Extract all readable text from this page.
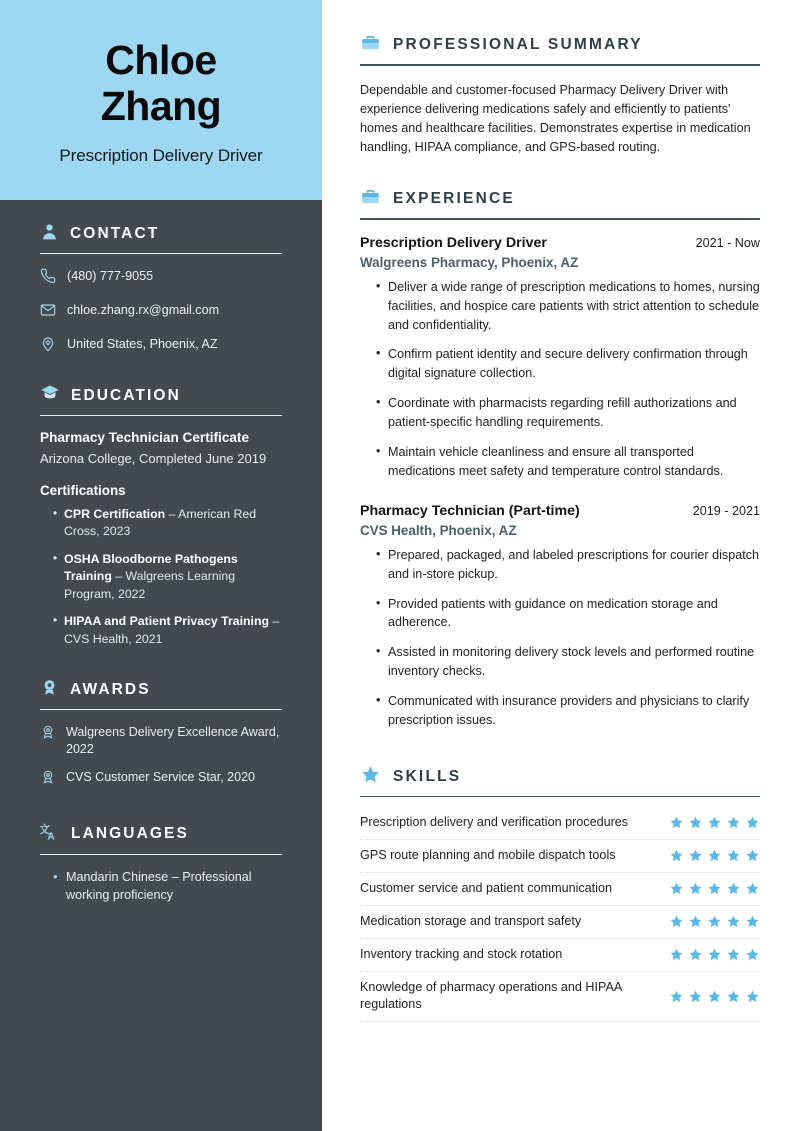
Chloe
Zhang
Prescription Delivery Driver
CONTACT
(480) 777-9055
chloe.zhang.rx@gmail.com
United States, Phoenix, AZ
EDUCATION
Pharmacy Technician Certificate
Arizona College, Completed June 2019
Certifications
• CPR Certification – American Red Cross, 2023
• OSHA Bloodborne Pathogens Training – Walgreens Learning Program, 2022
• HIPAA and Patient Privacy Training – CVS Health, 2021
AWARDS
Walgreens Delivery Excellence Award, 2022
CVS Customer Service Star, 2020
文
A LANGUAGES
• Mandarin Chinese – Professional working proficiency
PROFESSIONAL SUMMARY

Dependable and customer-focused Pharmacy Delivery Driver with experience delivering medications safely and efficiently to patients' homes and healthcare facilities. Demonstrates expertise in medication handling, HIPAA compliance, and GPS-based routing.

EXPERIENCE
Prescription Delivery Driver	2021 - Now
Walgreens Pharmacy, Phoenix, AZ
• Deliver a wide range of prescription medications to homes, nursing facilities, and hospice care patients with strict attention to schedule and confidentiality.
• Confirm patient identity and secure delivery confirmation through digital signature collection.
• Coordinate with pharmacists regarding refill authorizations and patient-specific handling requirements.
• Maintain vehicle cleanliness and ensure all transported medications meet safety and temperature control standards.
Pharmacy Technician (Part-time)	2019 - 2021
CVS Health, Phoenix, AZ
• Prepared, packaged, and labeled prescriptions for courier dispatch and in-store pickup.
• Provided patients with guidance on medication storage and adherence.
• Assisted in monitoring delivery stock levels and performed routine inventory checks.
• Communicated with insurance providers and physicians to clarify prescription issues.
SKILLS
Prescription delivery and verification procedures
GPS route planning and mobile dispatch tools
Customer service and patient communication
Medication storage and transport safety
Inventory tracking and stock rotation
Knowledge of pharmacy operations and HIPAA regulations
